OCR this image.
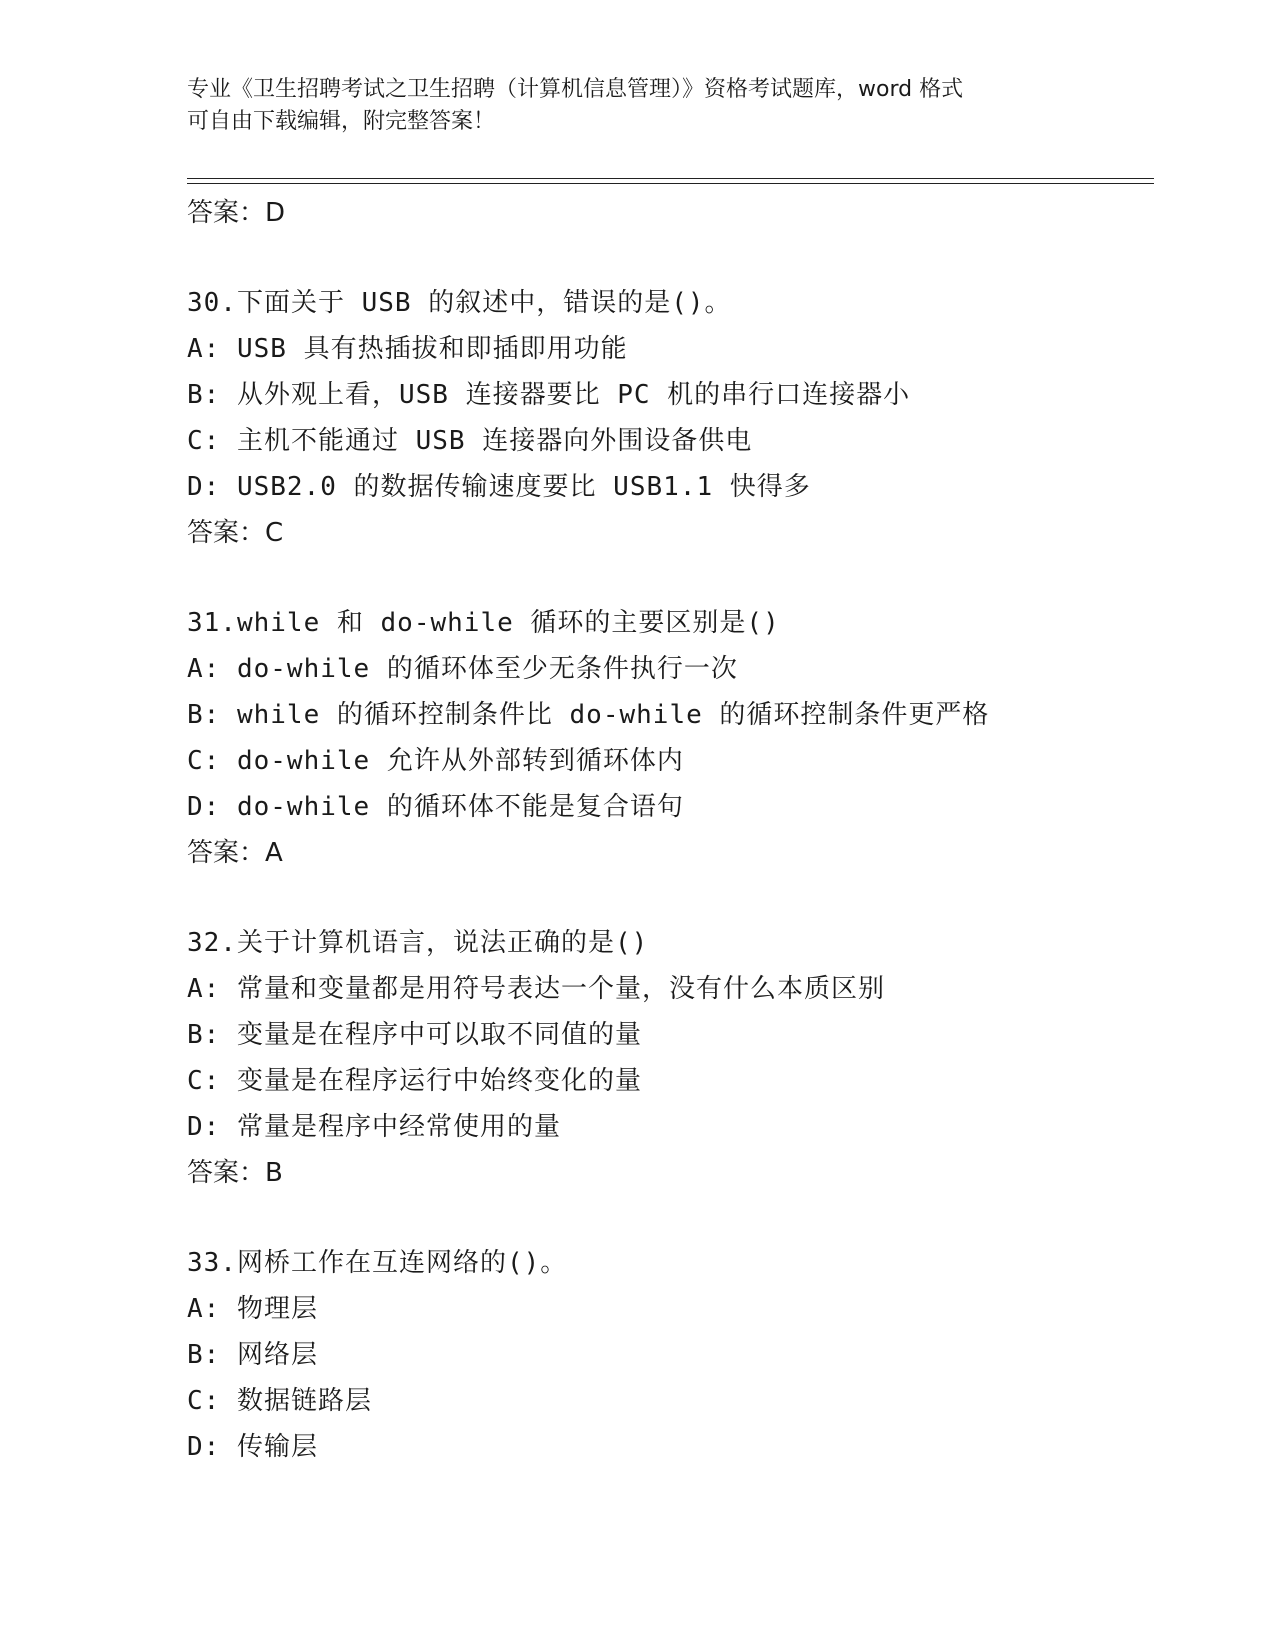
专业《卫生招聘考试之卫生招聘（计算机信息管理）》资格考试题库，word 格式
可自由下载编辑，附完整答案！
答案：D
30.下面关于 USB 的叙述中，错误的是()。
A: USB 具有热插拔和即插即用功能
B: 从外观上看，USB 连接器要比 PC 机的串行口连接器小
C: 主机不能通过 USB 连接器向外围设备供电
D: USB2.0 的数据传输速度要比 USB1.1 快得多
答案：C
31.while 和 do-while 循环的主要区别是()
A: do-while 的循环体至少无条件执行一次
B: while 的循环控制条件比 do-while 的循环控制条件更严格
C: do-while 允许从外部转到循环体内
D: do-while 的循环体不能是复合语句
答案：A
32.关于计算机语言，说法正确的是()
A: 常量和变量都是用符号表达一个量，没有什么本质区别
B: 变量是在程序中可以取不同值的量
C: 变量是在程序运行中始终变化的量
D: 常量是程序中经常使用的量
答案：B
33.网桥工作在互连网络的()。
A: 物理层
B: 网络层
C: 数据链路层
D: 传输层
